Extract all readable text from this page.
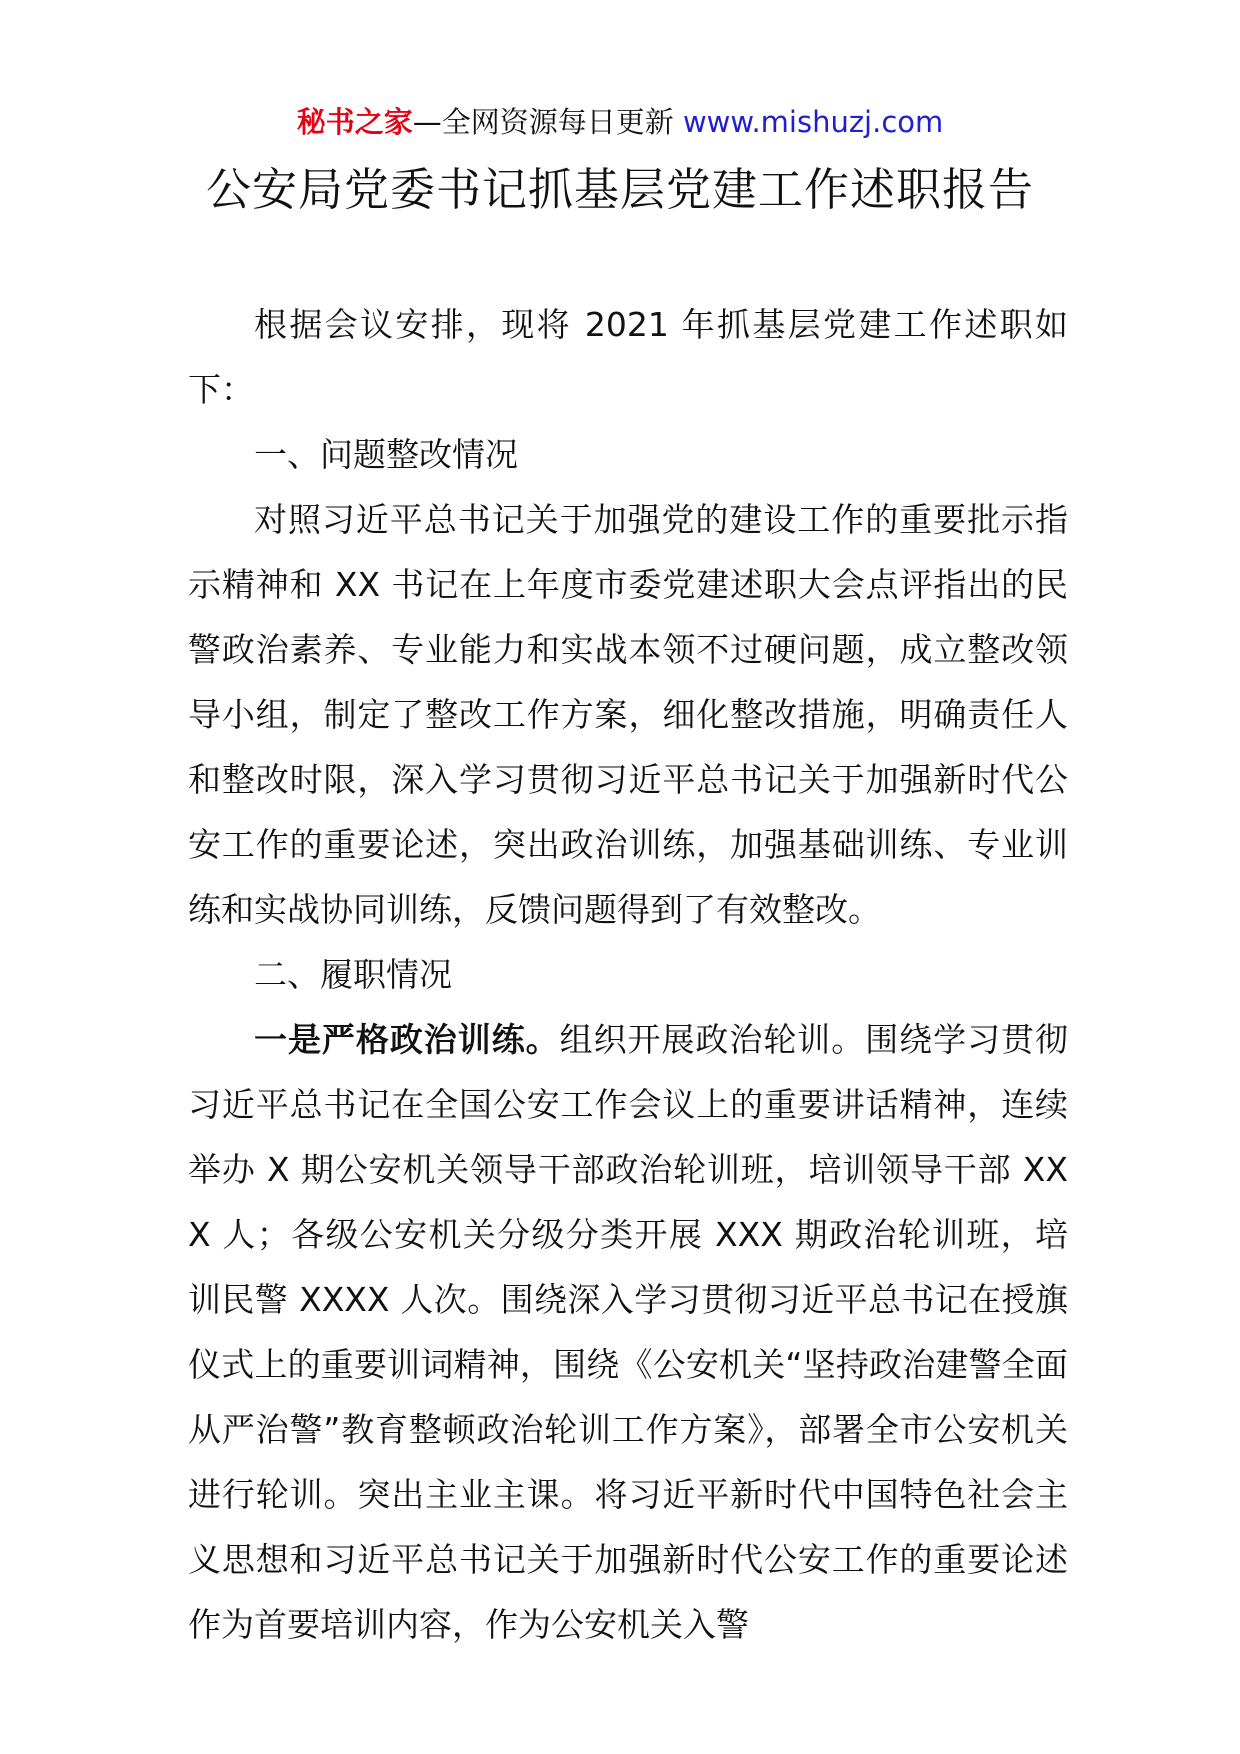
秘书之家—全网资源每日更新 www.mishuzj.com
公安局党委书记抓基层党建工作述职报告

根据会议安排，现将 2021 年抓基层党建工作述职如下：

一、问题整改情况

对照习近平总书记关于加强党的建设工作的重要批示指示精神和 XX 书记在上年度市委党建述职大会点评指出的民警政治素养、专业能力和实战本领不过硬问题，成立整改领导小组，制定了整改工作方案，细化整改措施，明确责任人和整改时限，深入学习贯彻习近平总书记关于加强新时代公安工作的重要论述，突出政治训练，加强基础训练、专业训练和实战协同训练，反馈问题得到了有效整改。

二、履职情况

一是严格政治训练。组织开展政治轮训。围绕学习贯彻习近平总书记在全国公安工作会议上的重要讲话精神，连续举办 X 期公安机关领导干部政治轮训班，培训领导干部 XXX 人；各级公安机关分级分类开展 XXX 期政治轮训班，培训民警 XXXX 人次。围绕深入学习贯彻习近平总书记在授旗仪式上的重要训词精神，围绕《公安机关“坚持政治建警全面从严治警”教育整顿政治轮训工作方案》，部署全市公安机关进行轮训。突出主业主课。将习近平新时代中国特色社会主义思想和习近平总书记关于加强新时代公安工作的重要论述作为首要培训内容，作为公安机关入警
